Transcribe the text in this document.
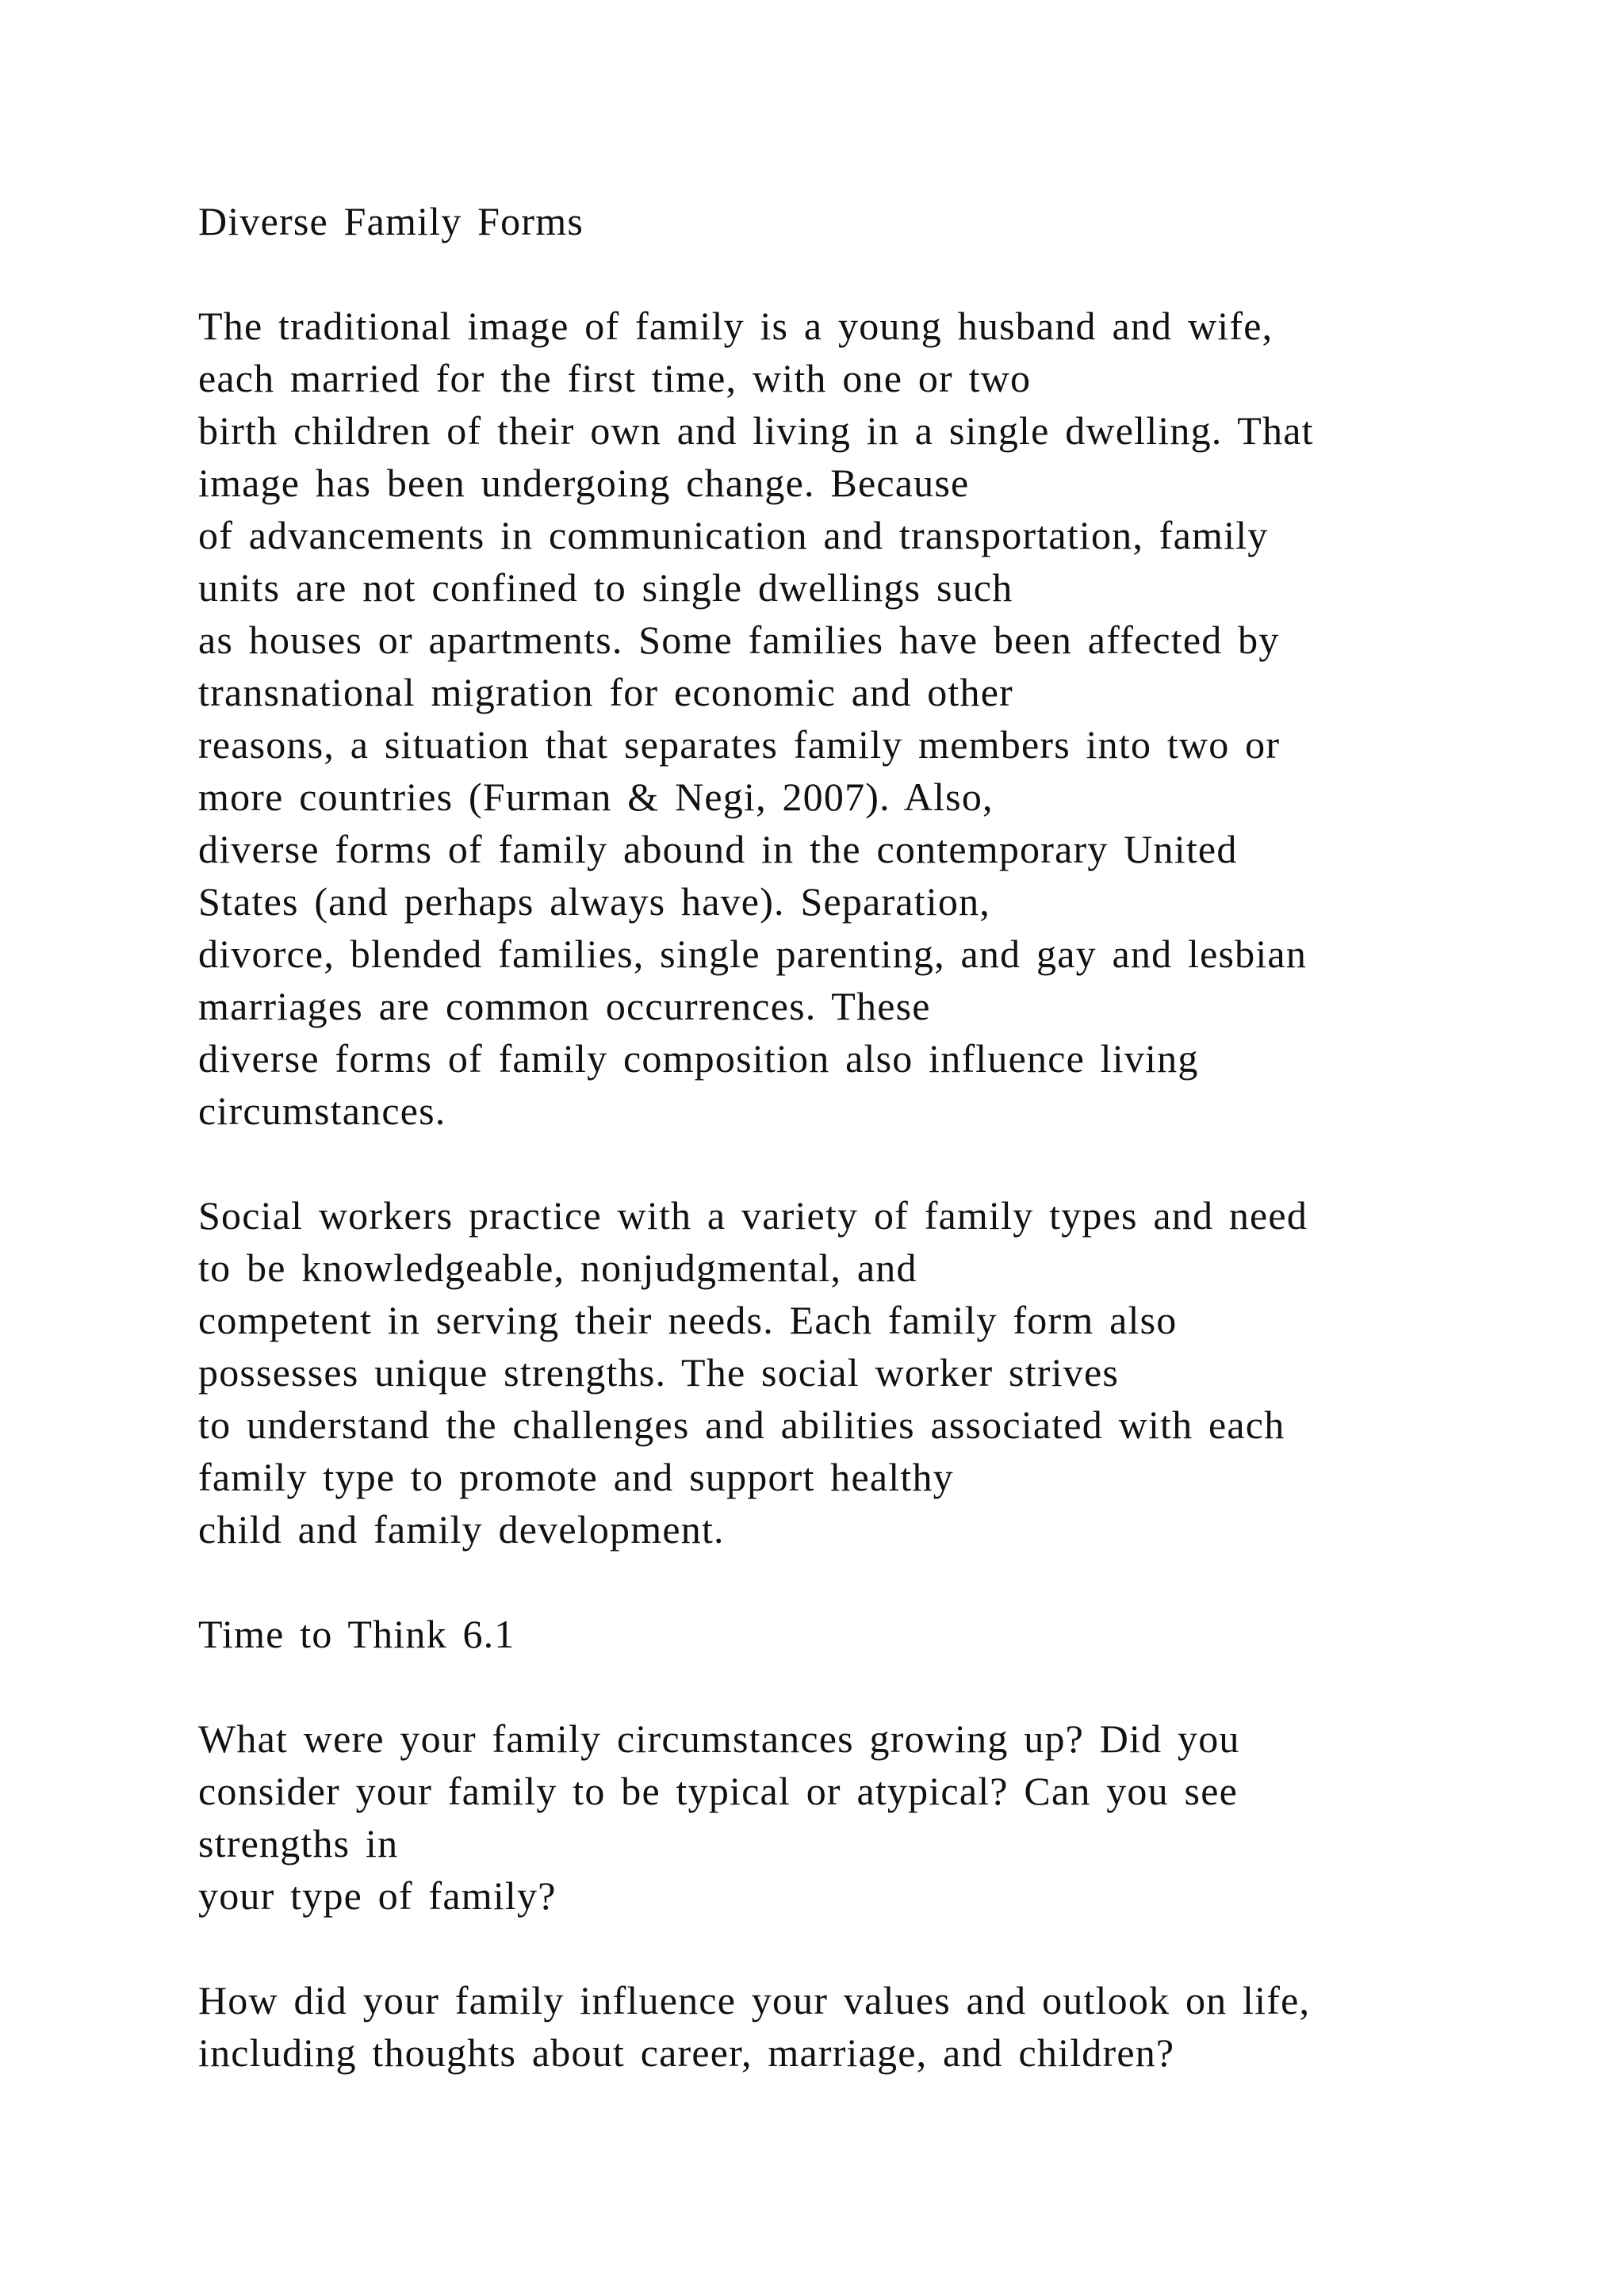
Diverse Family Forms
The traditional image of family is a young husband and wife,
each married for the first time, with one or two
birth children of their own and living in a single dwelling. That
image has been undergoing change. Because
of advancements in communication and transportation, family
units are not confined to single dwellings such
as houses or apartments. Some families have been affected by
transnational migration for economic and other
reasons, a situation that separates family members into two or
more countries (Furman & Negi, 2007). Also,
diverse forms of family abound in the contemporary United
States (and perhaps always have). Separation,
divorce, blended families, single parenting, and gay and lesbian
marriages are common occurrences. These
diverse forms of family composition also influence living
circumstances.
Social workers practice with a variety of family types and need
to be knowledgeable, nonjudgmental, and
competent in serving their needs. Each family form also
possesses unique strengths. The social worker strives
to understand the challenges and abilities associated with each
family type to promote and support healthy
child and family development.
Time to Think 6.1
What were your family circumstances growing up? Did you
consider your family to be typical or atypical? Can you see
strengths in
your type of family?
How did your family influence your values and outlook on life,
including thoughts about career, marriage, and children?
